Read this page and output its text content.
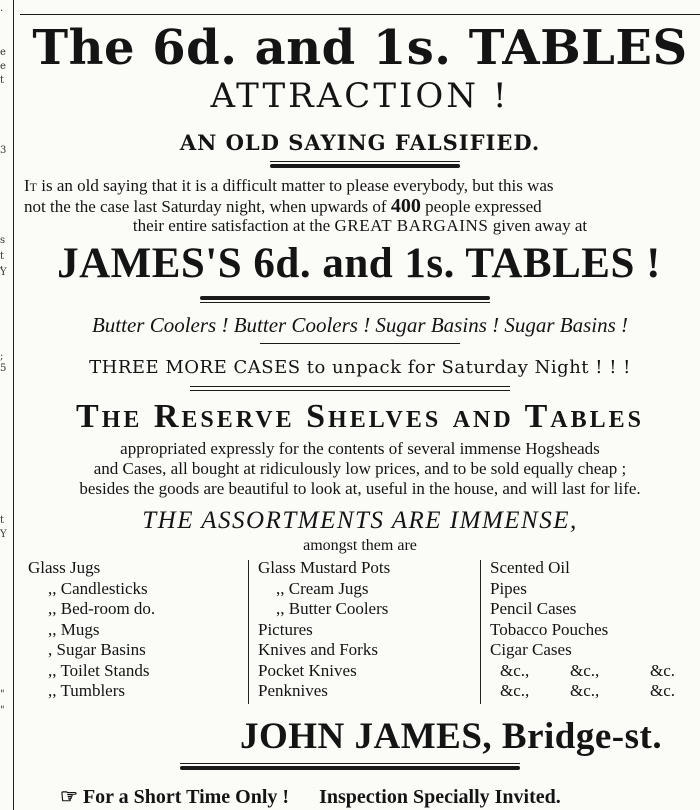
.
e
e
t
3
s
t
,
Y
;
5
t
Y
"
"
The 6d. and 1s. TABLES
ATTRACTION !
AN OLD SAYING FALSIFIED.
It is an old saying that it is a difficult matter to please everybody, but this was
not the the case last Saturday night, when upwards of 400 people expressed
their entire satisfaction at the GREAT BARGAINS given away at
JAMES'S 6d. and 1s. TABLES !
Butter Coolers ! Butter Coolers ! Sugar Basins ! Sugar Basins !
THREE MORE CASES to unpack for Saturday Night ! ! !
The Reserve Shelves and Tables
appropriated expressly for the contents of several immense Hogsheads
and Cases, all bought at ridiculously low prices, and to be sold equally cheap ;
besides the goods are beautiful to look at, useful in the house, and will last for life.
THE ASSORTMENTS ARE IMMENSE,
amongst them are
Glass Jugs
,, Candlesticks
,, Bed-room do.
,, Mugs
, Sugar Basins
,, Toilet Stands
,, Tumblers
Glass Mustard Pots
,, Cream Jugs
,, Butter Coolers
Pictures
Knives and Forks
Pocket Knives
Penknives
Scented Oil
Pipes
Pencil Cases
Tobacco Pouches
Cigar Cases
&c., &c.,	&c.
&c., &c.,	&c.
JOHN JAMES, Bridge-st.
☞ For a Short Time Only ! Inspection Specially Invited.
